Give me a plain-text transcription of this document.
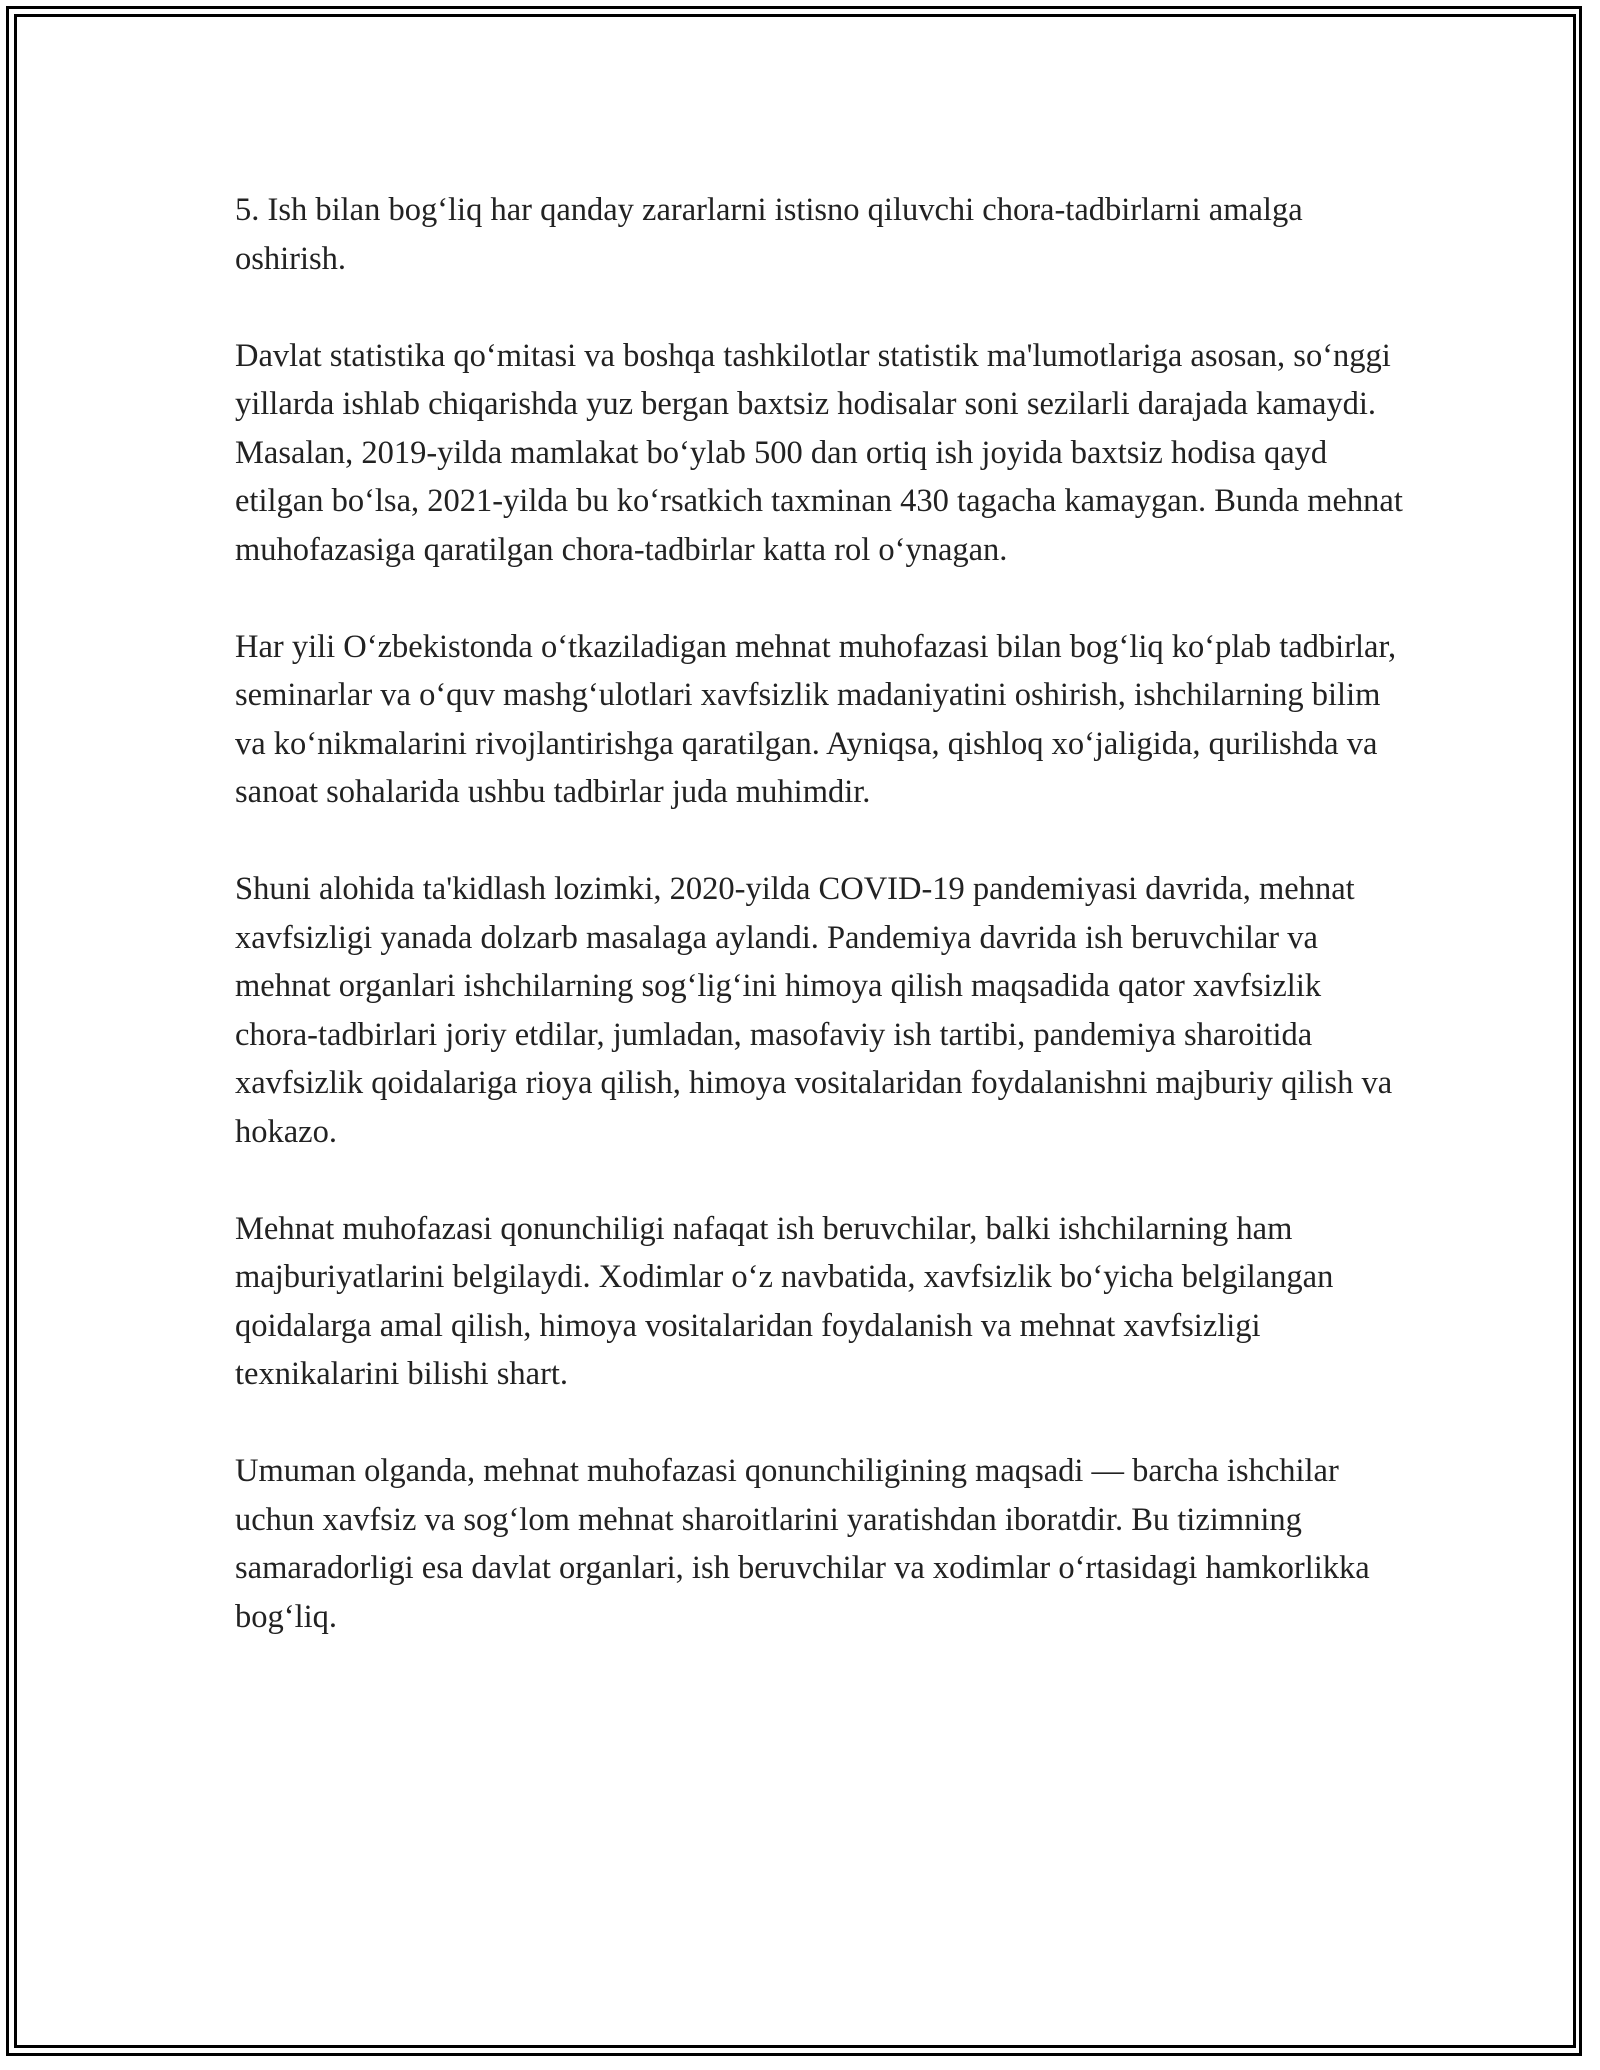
5. Ish bilan bog‘liq har qanday zararlarni istisno qiluvchi chora-tadbirlarni amalga oshirish.

Davlat statistika qo‘mitasi va boshqa tashkilotlar statistik ma'lumotlariga asosan, so‘nggi yillarda ishlab chiqarishda yuz bergan baxtsiz hodisalar soni sezilarli darajada kamaydi. Masalan, 2019-yilda mamlakat bo‘ylab 500 dan ortiq ish joyida baxtsiz hodisa qayd etilgan bo‘lsa, 2021-yilda bu ko‘rsatkich taxminan 430 tagacha kamaygan. Bunda mehnat muhofazasiga qaratilgan chora-tadbirlar katta rol o‘ynagan.

Har yili O‘zbekistonda o‘tkaziladigan mehnat muhofazasi bilan bog‘liq ko‘plab tadbirlar, seminarlar va o‘quv mashg‘ulotlari xavfsizlik madaniyatini oshirish, ishchilarning bilim va ko‘nikmalarini rivojlantirishga qaratilgan. Ayniqsa, qishloq xo‘jaligida, qurilishda va sanoat sohalarida ushbu tadbirlar juda muhimdir.

Shuni alohida ta'kidlash lozimki, 2020-yilda COVID-19 pandemiyasi davrida, mehnat xavfsizligi yanada dolzarb masalaga aylandi. Pandemiya davrida ish beruvchilar va mehnat organlari ishchilarning sog‘lig‘ini himoya qilish maqsadida qator xavfsizlik chora-tadbirlari joriy etdilar, jumladan, masofaviy ish tartibi, pandemiya sharoitida xavfsizlik qoidalariga rioya qilish, himoya vositalaridan foydalanishni majburiy qilish va hokazo.

Mehnat muhofazasi qonunchiligi nafaqat ish beruvchilar, balki ishchilarning ham majburiyatlarini belgilaydi. Xodimlar o‘z navbatida, xavfsizlik bo‘yicha belgilangan qoidalarga amal qilish, himoya vositalaridan foydalanish va mehnat xavfsizligi texnikalarini bilishi shart.

Umuman olganda, mehnat muhofazasi qonunchiligining maqsadi — barcha ishchilar uchun xavfsiz va sog‘lom mehnat sharoitlarini yaratishdan iboratdir. Bu tizimning samaradorligi esa davlat organlari, ish beruvchilar va xodimlar o‘rtasidagi hamkorlikka bog‘liq.
